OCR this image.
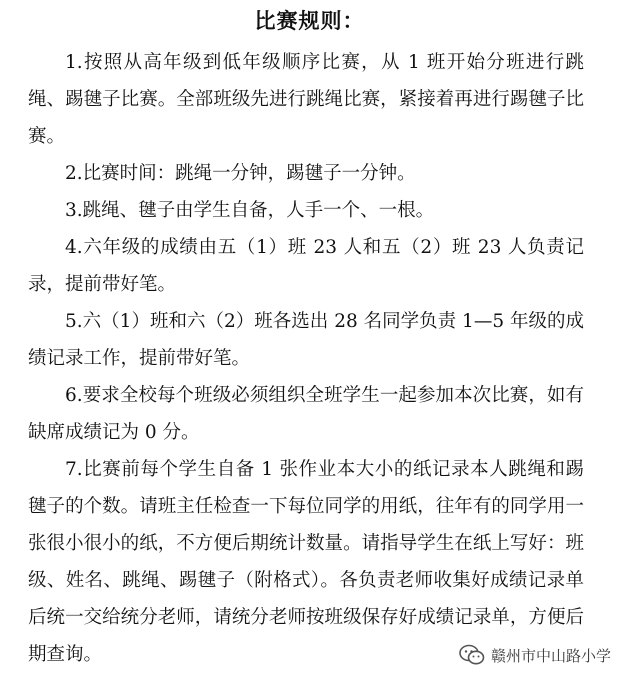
比赛规则：

1.按照从高年级到低年级顺序比赛，从 1 班开始分班进行跳绳、踢毽子比赛。全部班级先进行跳绳比赛，紧接着再进行踢毽子比赛。

2.比赛时间：跳绳一分钟，踢毽子一分钟。

3.跳绳、毽子由学生自备，人手一个、一根。

4.六年级的成绩由五（1）班 23 人和五（2）班 23 人负责记录，提前带好笔。

5.六（1）班和六（2）班各选出 28 名同学负责 1—5 年级的成绩记录工作，提前带好笔。

6.要求全校每个班级必须组织全班学生一起参加本次比赛，如有缺席成绩记为 0 分。

7.比赛前每个学生自备 1 张作业本大小的纸记录本人跳绳和踢毽子的个数。请班主任检查一下每位同学的用纸，往年有的同学用一张很小很小的纸，不方便后期统计数量。请指导学生在纸上写好：班级、姓名、跳绳、踢毽子（附格式）。各负责老师收集好成绩记录单后统一交给统分老师，请统分老师按班级保存好成绩记录单，方便后期查询。	赣州市中山路小学
